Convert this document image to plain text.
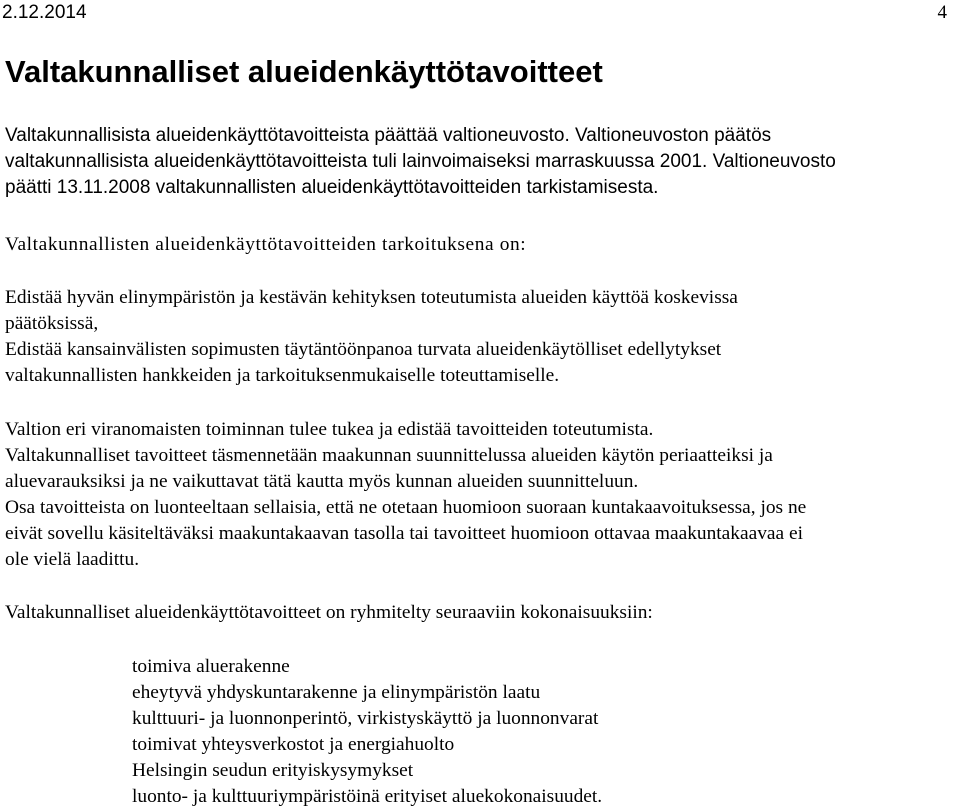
2.12.2014	4
Valtakunnalliset alueidenkäyttötavoitteet
Valtakunnallisista alueidenkäyttötavoitteista päättää valtioneuvosto. Valtioneuvoston päätös
valtakunnallisista alueidenkäyttötavoitteista tuli lainvoimaiseksi marraskuussa 2001. Valtioneuvosto
päätti 13.11.2008 valtakunnallisten alueidenkäyttötavoitteiden tarkistamisesta.
Valtakunnallisten alueidenkäyttötavoitteiden tarkoituksena on:
Edistää hyvän elinympäristön ja kestävän kehityksen toteutumista alueiden käyttöä koskevissa
päätöksissä,
Edistää kansainvälisten sopimusten täytäntöönpanoa turvata alueidenkäytölliset edellytykset
valtakunnallisten hankkeiden ja tarkoituksenmukaiselle toteuttamiselle.
Valtion eri viranomaisten toiminnan tulee tukea ja edistää tavoitteiden toteutumista.
Valtakunnalliset tavoitteet täsmennetään maakunnan suunnittelussa alueiden käytön periaatteiksi ja
aluevarauksiksi ja ne vaikuttavat tätä kautta myös kunnan alueiden suunnitteluun.
Osa tavoitteista on luonteeltaan sellaisia, että ne otetaan huomioon suoraan kuntakaavoituksessa, jos ne
eivät sovellu käsiteltäväksi maakuntakaavan tasolla tai tavoitteet huomioon ottavaa maakuntakaavaa ei
ole vielä laadittu.
Valtakunnalliset alueidenkäyttötavoitteet on ryhmitelty seuraaviin kokonaisuuksiin:
toimiva aluerakenne
eheytyvä yhdyskuntarakenne ja elinympäristön laatu
kulttuuri- ja luonnonperintö, virkistyskäyttö ja luonnonvarat
toimivat yhteysverkostot ja energiahuolto
Helsingin seudun erityiskysymykset
luonto- ja kulttuuriympäristöinä erityiset aluekokonaisuudet.
